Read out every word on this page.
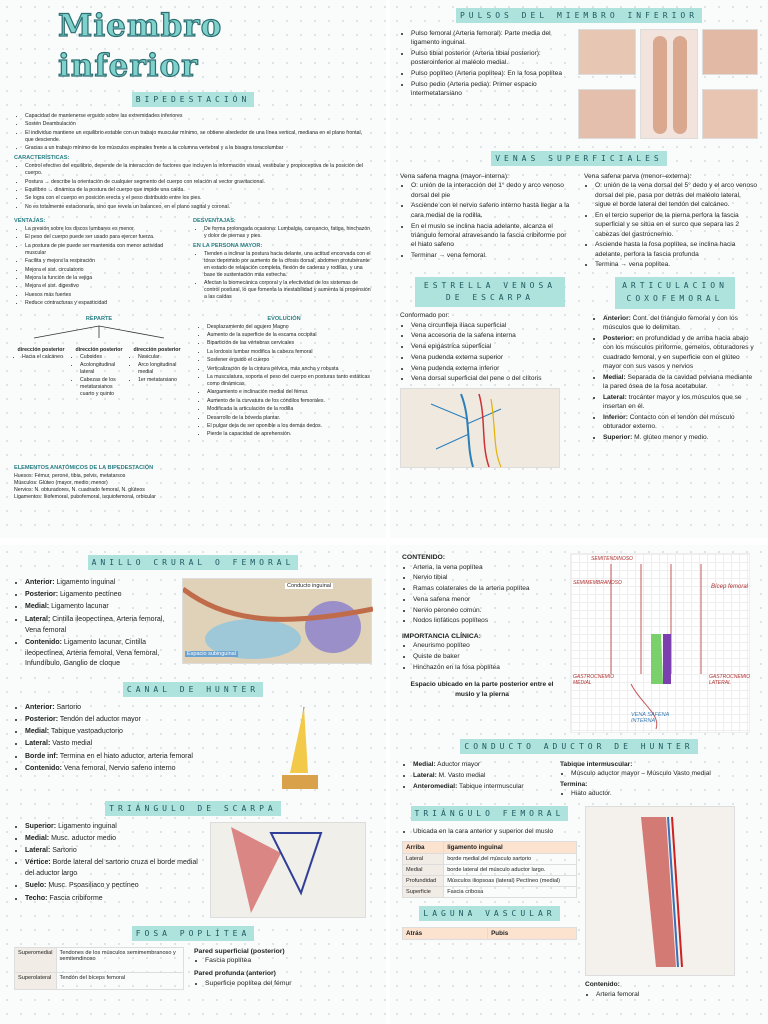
Miembro inferior
BIPEDESTACIÓN
• Capacidad de mantenerse erguido sobre las extremidades inferiores
• Sostén Deambulación
• El individuo mantiene un equilibrio estable con un trabajo muscular mínimo, se obtiene alrededor de una línea vertical, mediana en el plano frontal, que desciende.
• Gracias a un trabajo mínimo de los músculos espinales frente a la columna vertebral y a la bisagra toracolumbar
CARACTERÍSTICAS:
• Control efectivo del equilibrio, depende de la interacción de factores que incluyen la información visual, vestibular y propioceptiva de la posición del cuerpo.
• Postura → describe la orientación de cualquier segmento del cuerpo con relación al vector gravitacional.
• Equilibrio → dinámica de la postura del cuerpo que impide una caída.
• Se logra con el cuerpo en posición erecta y el peso distribuido entre los pies.
• No es totalmente estacionaria, sino que revela un balanceo, en el plano sagital y coronal.
VENTAJAS:
• La presión sobre los discos lumbares es menor.
• El peso del cuerpo puede ser usado para ejercer fuerza.
• La postura de pie puede ser mantenida con menor actividad muscular
• Facilita y mejora la respiración
• Mejora el sist. circulatorio
• Mejora la función de la vejiga
• Mejora el sist. digestivo
• Huesos más fuertes
• Reduce contracturas y espasticidad
DESVENTAJAS:
• De forma prolongada ocasiona: Lumbalgia, cansancio, fatiga, hinchazón y dolor de piernas y pies.
EN LA PERSONA MAYOR:
• Tienden a inclinar la postura hacia delante, una actitud encorvada con el tórax deprimido por aumento de la cifosis dorsal, abdomen protuberante en estado de relajación completa, flexión de caderas y rodillas, y una base de sustentación más estrecha.
• Afectan la biomecánica corporal y la efectividad de los sistemas de control postural, lo que fomenta la inestabilidad y aumenta la propensión a las caídas
REPARTE
dirección posterior
• Hacia el calcáneo
dirección posterior
• Cuboides
• Acolongitudinal lateral
• Cabezas de los metatarsianos cuarto y quinto
dirección posterior
• Navicular
• Arco longitudinal medial
• 1er metatarsiano
EVOLUCIÓN
• Desplazamiento del agujero Magno
• Aumento de la superficie de la escama occipital
• Bipartición de las vértebras cervicales
• La lordosis lumbar modifica la cabeza femoral
• Sostener erguido el cuerpo
• Verticalización de la cintura pélvica, más ancha y robusta
• La musculatura, soporta el peso del cuerpo en posturas tanto estáticas como dinámicas
• Alargamiento e inclinación medial del fémur.
• Aumento de la curvatura de los cóndilos femorales.
• Modificada la articulación de la rodilla
• Desarrollo de la bóveda plantar.
• El pulgar deja de ser oponible a los demás dedos.
• Pierde la capacidad de aprehensión.
ELEMENTOS ANATÓMICOS DE LA BIPEDESTACIÓN
Huesos: Fémur, peroné, tibia, pelvis, metatarsos
Músculos: Glúteo (mayor, medio; menor)
Nervios: N. obturadores, N. cuadrado femoral, N. glúteos
Ligamentos: Iliofemoral, pubofemoral, isquiofemoral, orbicular
PULSOS DEL MIEMBRO INFERIOR
• Pulso femoral (Arteria femoral): Parte media del ligamento inguinal.
• Pulso tibial posterior (Arteria tibial posterior): posteroinferior al maléolo medial.
• Pulso poplíteo (Arteria poplítea): En la fosa poplítea
• Pulso pedio (Arteria pedia): Primer espacio intermetatarsiano
VENAS SUPERFICIALES
Vena safena magna (mayor–interna):
• O: unión de la interacción del 1° dedo y arco venoso dorsal del pie
• Asciende con el nervio safeno interno hasta llegar a la cara medial de la rodilla.
• En el muslo se inclina hacia adelante, alcanza el triángulo femoral atravesando la fascia cribiforme por el hiato safeno
• Terminar → vena femoral.
Vena safena parva (menor–externa):
• O: unión de la vena dorsal del 5° dedo y el arco venoso dorsal del pie, pasa por detrás del maléolo lateral, sigue el borde lateral del tendón del calcáneo.
• En el tercio superior de la pierna perfora la fascia superficial y se sitúa en el surco que separa las 2 cabezas del gastrocnemio.
• Asciende hasta la fosa poplítea, se inclina hacia adelante, perfora la fascia profunda
• Termina → vena poplítea.
ESTRELLA VENOSA DE ESCARPA
Conformado por:
• Vena circunfleja ilíaca superficial
• Vena accesoria de la safena interna
• Vena epigástrica superficial
• Vena pudenda externa superior
• Vena pudenda externa inferior
• Vena dorsal superficial del pene o del clítoris
ARTICULACION COXOFEMORAL
• Anterior: Cont. del triángulo femoral y con los músculos que lo delimitan.
• Posterior: en profundidad y de arriba hacia abajo con los músculos piriforme, gemelos, obturadores y cuadrado femoral, y en superficie con el glúteo mayor con sus vasos y nervios
• Medial: Separada de la cavidad pelviana mediante la pared ósea de la fosa acetabular.
• Lateral: trocánter mayor y los músculos que se insertan en él.
• Inferior: Contacto con el tendón del músculo obturador externo.
• Superior: M. glúteo menor y medio.
ANILLO CRURAL O FEMORAL
• Anterior: Ligamento inguinal
• Posterior: Ligamento pectíneo
• Medial: Ligamento lacunar
• Lateral: Cintilla ileopectínea, Arteria femoral, Vena femoral
• Contenido: Ligamento lacunar, Cintilla ileopectínea, Arteria femoral, Vena femoral, Infundíbulo, Ganglio de cloque
Conducto inguinal
Espacio subinguinal
CANAL DE HUNTER
• Anterior: Sartorio
• Posterior: Tendón del aductor mayor
• Medial: Tabique vastoaductorio
• Lateral: Vasto medial
• Borde inf: Termina en el hiato aductor, arteria femoral
• Contenido: Vena femoral, Nervio safeno interno
TRIÁNGULO DE SCARPA
• Superior: Ligamento inguinal
• Medial: Musc. aductor medio
• Lateral: Sartorio
• Vértice: Borde lateral del sartorio cruza el borde medial del aductor largo
• Suelo: Musc. Psoasiliaco y pectíneo
• Techo: Fascia cribiforme
FOSA POPLÍTEA
Superomedial	Tendones de los músculos semimembranoso y semitendinoso
Superolateral	Tendón del bíceps femoral
Pared superficial (posterior)
• Fascia poplítea
Pared profunda (anterior)
• Superficie poplítea del fémur
CONTENIDO:
• Arteria, la vena poplítea
• Nervio tibial
• Ramas colaterales de la arteria poplítea
• Vena safena menor
• Nervio peroneo común.
• Nodos linfáticos poplíteos
IMPORTANCIA CLÍNICA:
• Aneurismo poplíteo
• Quiste de baker
• Hinchazón en la fosa poplítea
Espacio ubicado en la parte posterior entre el muslo y la pierna
SEMITENDINOSO
SEMIMEMBRANOSO
Bícep femoral
GASTROCNEMIO MEDIAL
GASTROCNEMIO LATERAL
VENA SAFENA INTERNA
CONDUCTO ADUCTOR DE HUNTER
• Medial: Aductor mayor
• Lateral: M. Vasto medial
• Anteromedial: Tabique intermuscular
Tabique intermuscular:
• Músculo aductor mayor – Músculo Vasto medial
Termina:
• Hiato aductor.
TRIÁNGULO FEMORAL
• Ubicada en la cara anterior y superior del muslo
Arriba	ligamento inguinal
Lateral	borde medial del músculo sartorio
Medial	borde lateral del músculo aductor largo.
Profundidad	Músculos iliopsoas (lateral) Pectíneo (medial)
Superficie	Fascia cribosa
LAGUNA VASCULAR
Atrás	Pubis
Contenido:
• Arteria femoral
